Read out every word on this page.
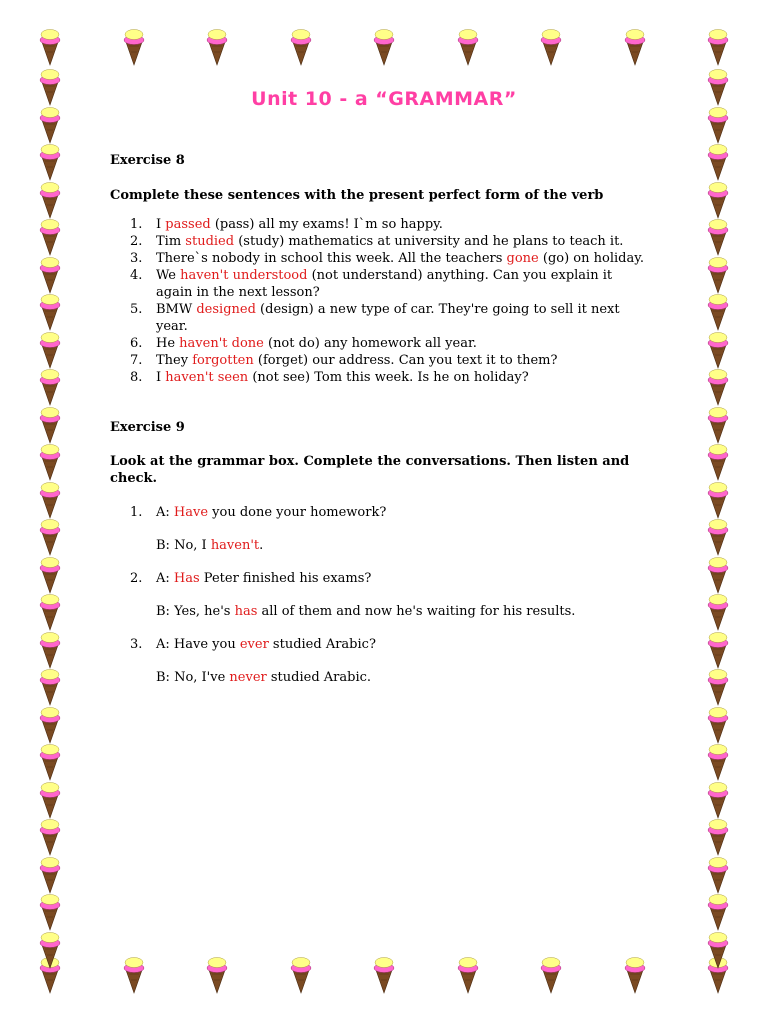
Unit 10 - a “GRAMMAR”

Exercise 8

Complete these sentences with the present perfect form of the verb

1. I passed (pass) all my exams! I`m so happy.
2. Tim studied (study) mathematics at university and he plans to teach it.
3. There`s nobody in school this week. All the teachers gone (go) on holiday.
4. We haven't understood (not understand) anything. Can you explain it again in the next lesson?
5. BMW designed (design) a new type of car. They're going to sell it next year.
6. He haven't done (not do) any homework all year.
7. They forgotten (forget) our address. Can you text it to them?
8. I haven't seen (not see) Tom this week. Is he on holiday?

Exercise 9

Look at the grammar box. Complete the conversations. Then listen and check.

1. A: Have you done your homework?
B: No, I haven't.
2. A: Has Peter finished his exams?
B: Yes, he's has all of them and now he's waiting for his results.
3. A: Have you ever studied Arabic?
B: No, I've never studied Arabic.
